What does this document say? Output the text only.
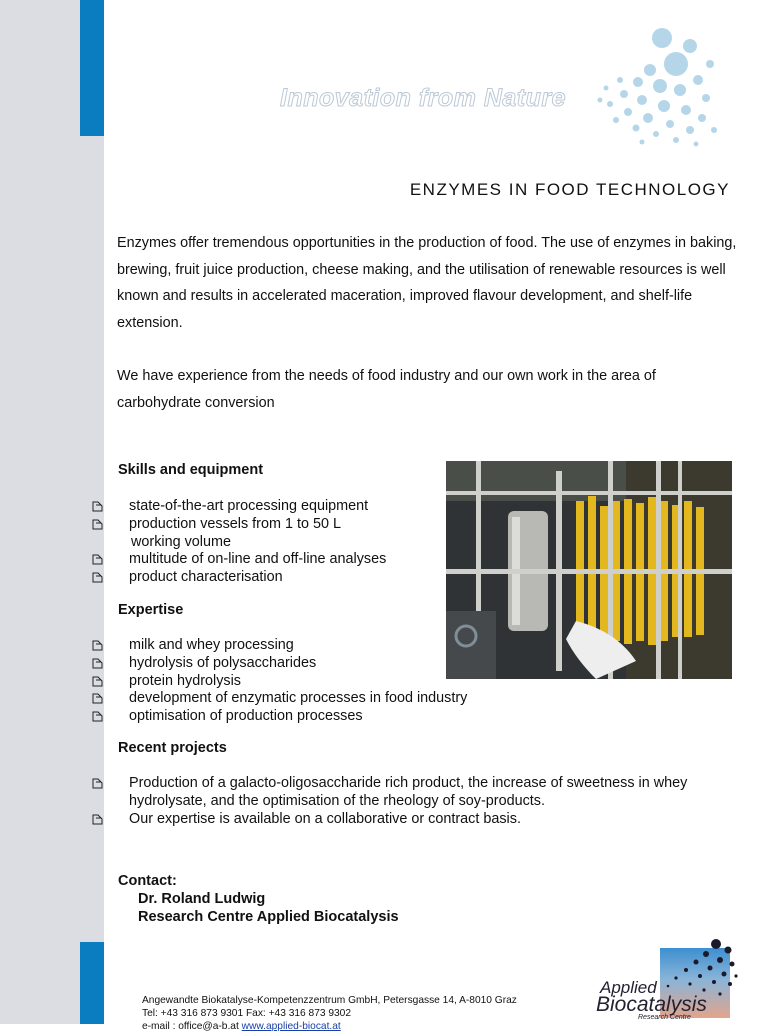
Innovation from Nature
ENZYMES IN FOOD TECHNOLOGY

Enzymes offer tremendous opportunities in the production of food. The use of enzymes in baking, brewing, fruit juice production, cheese making, and the utilisation of renewable resources is well known and results in accelerated maceration, improved flavour development, and shelf-life extension.

We have experience from the needs of food industry and our own work in the area of carbohydrate conversion

Skills and equipment
state-of-the-art processing equipment
production vessels from 1 to 50 L
working volume
multitude of on-line and off-line analyses
product characterisation
Expertise
milk and whey processing
hydrolysis of polysaccharides
protein hydrolysis
development of enzymatic processes in food industry
optimisation of production processes
Recent projects
Production of a galacto-oligosaccharide rich product, the increase of sweetness in whey hydrolysate, and the optimisation of the rheology of soy-products.
Our expertise is available on a collaborative or contract basis.
Contact:
Dr. Roland Ludwig
Research Centre Applied Biocatalysis
Angewandte Biokatalyse-Kompetenzzentrum GmbH, Petersgasse 14, A-8010 Graz
Tel: +43 316 873 9301 Fax: +43 316 873 9302
e-mail : office@a-b.at www.applied-biocat.at
Applied
Biocatalysis
Research Centre
